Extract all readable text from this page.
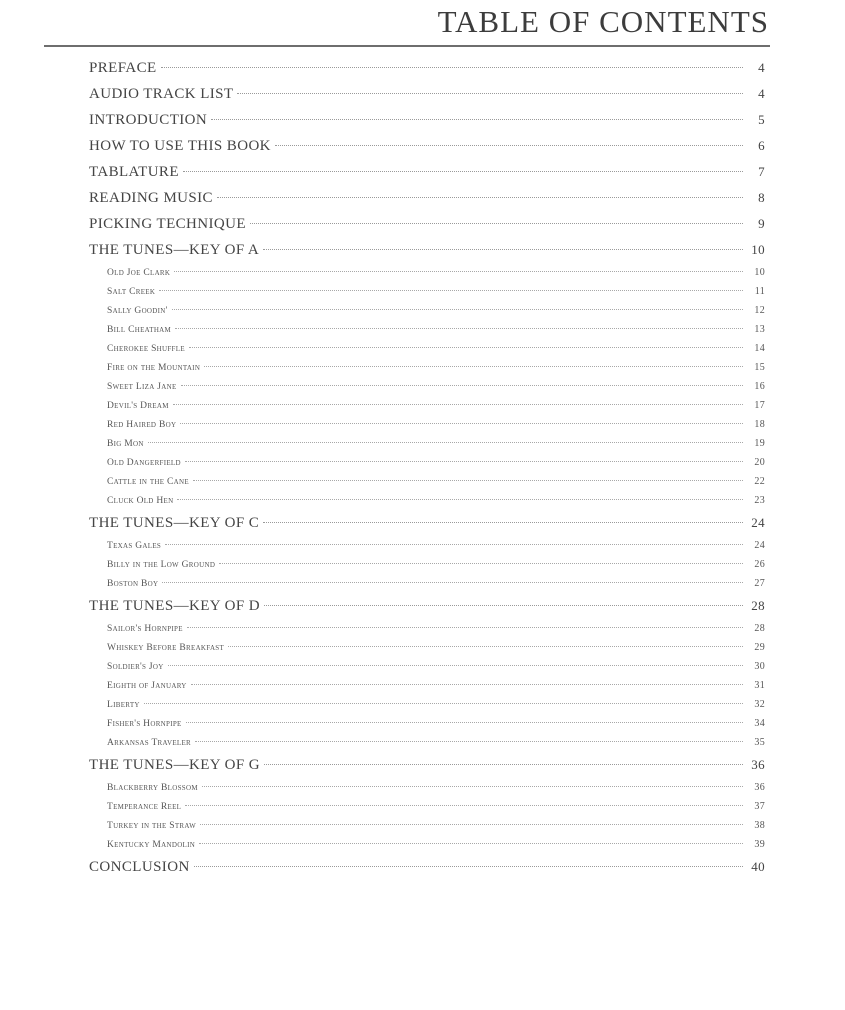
TABLE OF CONTENTS
PREFACE	4
AUDIO TRACK LIST	4
INTRODUCTION	5
HOW TO USE THIS BOOK	6
TABLATURE	7
READING MUSIC	8
PICKING TECHNIQUE	9
THE TUNES—KEY OF A	10
Old Joe Clark	10
Salt Creek	11
Sally Goodin'	12
Bill Cheatham	13
Cherokee Shuffle	14
Fire on the Mountain	15
Sweet Liza Jane	16
Devil's Dream	17
Red Haired Boy	18
Big Mon	19
Old Dangerfield	20
Cattle in the Cane	22
Cluck Old Hen	23
THE TUNES—KEY OF C	24
Texas Gales	24
Billy in the Low Ground	26
Boston Boy	27
THE TUNES—KEY OF D	28
Sailor's Hornpipe	28
Whiskey Before Breakfast	29
Soldier's Joy	30
Eighth of January	31
Liberty	32
Fisher's Hornpipe	34
Arkansas Traveler	35
THE TUNES—KEY OF G	36
Blackberry Blossom	36
Temperance Reel	37
Turkey in the Straw	38
Kentucky Mandolin	39
CONCLUSION	40
